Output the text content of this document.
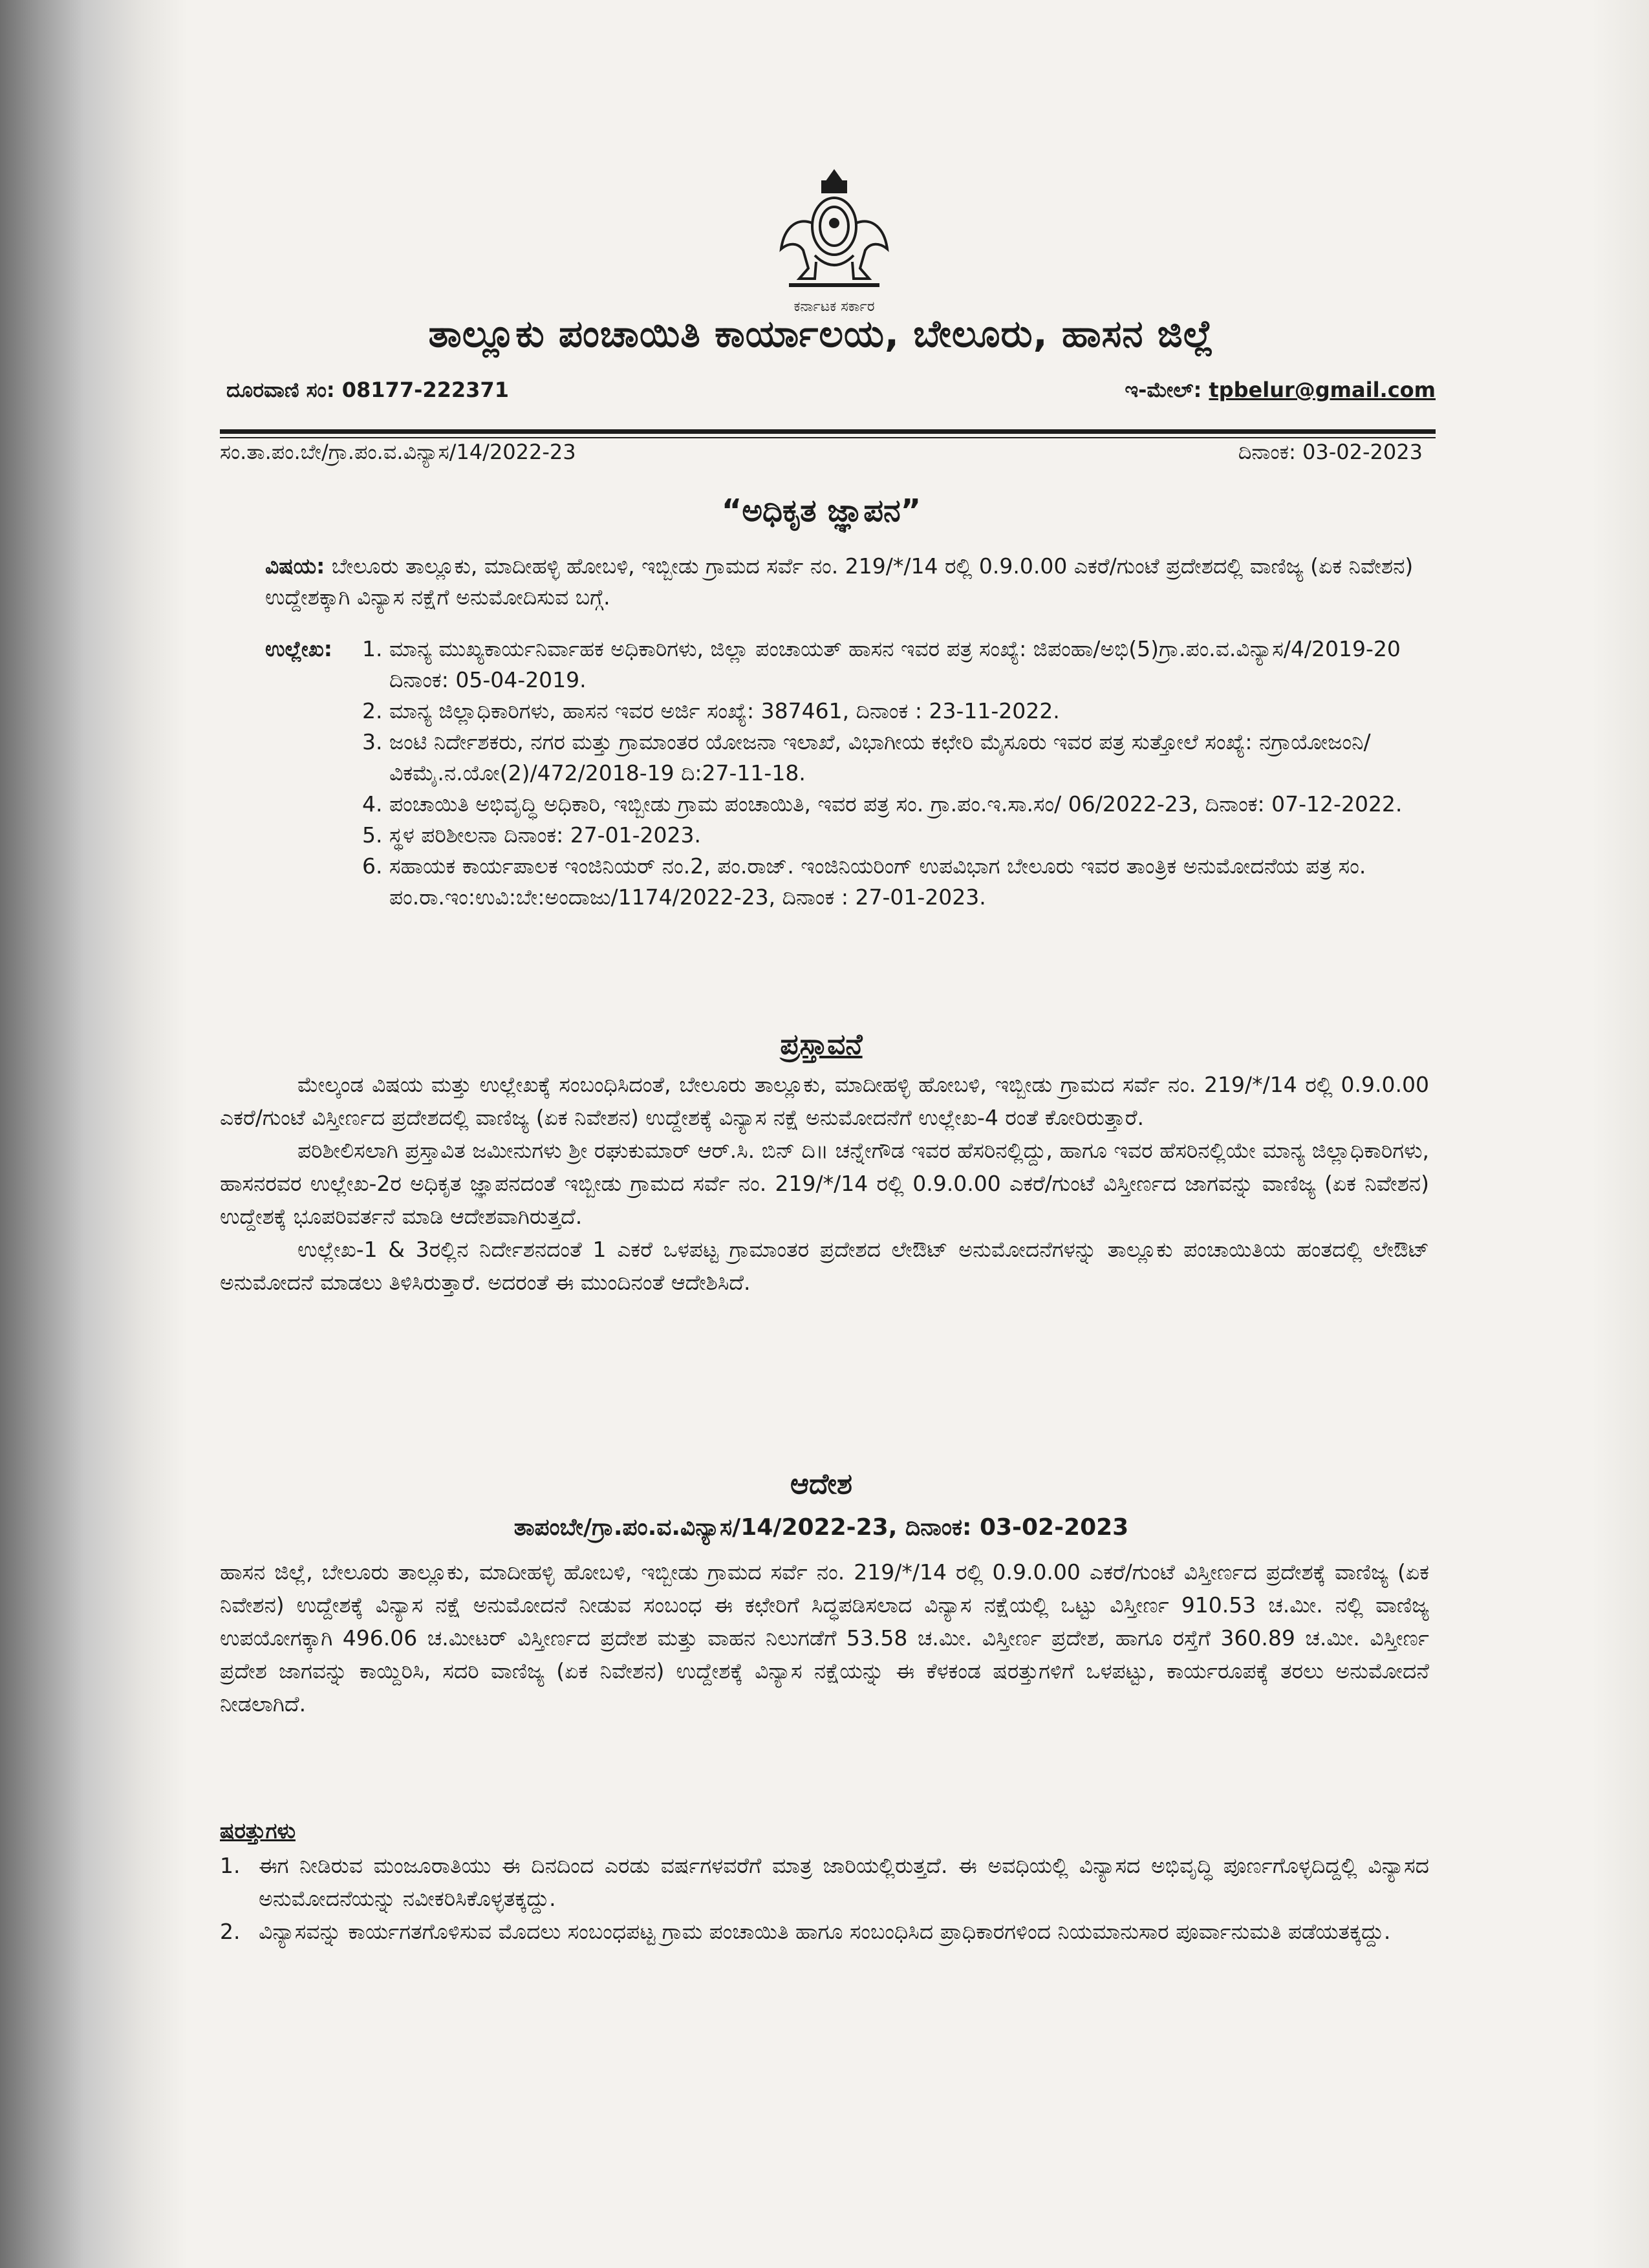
ಕರ್ನಾಟಕ ಸರ್ಕಾರ
ತಾಲ್ಲೂಕು ಪಂಚಾಯಿತಿ ಕಾರ್ಯಾಲಯ, ಬೇಲೂರು, ಹಾಸನ ಜಿಲ್ಲೆ
ದೂರವಾಣಿ ಸಂ: 08177-222371	ಇ-ಮೇಲ್: tpbelur@gmail.com
ಸಂ.ತಾ.ಪಂ.ಬೇ/ಗ್ರಾ.ಪಂ.ವ.ವಿನ್ಯಾಸ/14/2022-23	ದಿನಾಂಕ: 03-02-2023
“ಅಧಿಕೃತ ಜ್ಞಾಪನ”
ವಿಷಯ: ಬೇಲೂರು ತಾಲ್ಲೂಕು, ಮಾದೀಹಳ್ಳಿ ಹೋಬಳಿ, ಇಬ್ಬೀಡು ಗ್ರಾಮದ ಸರ್ವೆ ನಂ. 219/*/14 ರಲ್ಲಿ 0.9.0.00 ಎಕರೆ/ಗುಂಟೆ ಪ್ರದೇಶದಲ್ಲಿ ವಾಣಿಜ್ಯ (ಏಕ ನಿವೇಶನ) ಉದ್ದೇಶಕ್ಕಾಗಿ ವಿನ್ಯಾಸ ನಕ್ಷೆಗೆ ಅನುಮೋದಿಸುವ ಬಗ್ಗೆ.
ಉಲ್ಲೇಖ: 1. ಮಾನ್ಯ ಮುಖ್ಯಕಾರ್ಯನಿರ್ವಾಹಕ ಅಧಿಕಾರಿಗಳು, ಜಿಲ್ಲಾ ಪಂಚಾಯತ್ ಹಾಸನ ಇವರ ಪತ್ರ ಸಂಖ್ಯೆ: ಜಿಪಂಹಾ/ಅಭಿ(5)ಗ್ರಾ.ಪಂ.ವ.ವಿನ್ಯಾಸ/4/2019-20 ದಿನಾಂಕ: 05-04-2019.
2. ಮಾನ್ಯ ಜಿಲ್ಲಾಧಿಕಾರಿಗಳು, ಹಾಸನ ಇವರ ಅರ್ಜಿ ಸಂಖ್ಯೆ: 387461, ದಿನಾಂಕ : 23-11-2022.
3. ಜಂಟಿ ನಿರ್ದೇಶಕರು, ನಗರ ಮತ್ತು ಗ್ರಾಮಾಂತರ ಯೋಜನಾ ಇಲಾಖೆ, ವಿಭಾಗೀಯ ಕಛೇರಿ ಮೈಸೂರು ಇವರ ಪತ್ರ ಸುತ್ತೋಲೆ ಸಂಖ್ಯೆ: ನಗ್ರಾಯೋಜಂನಿ/ವಿಕಮೈ.ನ.ಯೋ(2)/472/2018-19 ದಿ:27-11-18.
4. ಪಂಚಾಯಿತಿ ಅಭಿವೃದ್ಧಿ ಅಧಿಕಾರಿ, ಇಬ್ಬೀಡು ಗ್ರಾಮ ಪಂಚಾಯಿತಿ, ಇವರ ಪತ್ರ ಸಂ. ಗ್ರಾ.ಪಂ.ಇ.ಸಾ.ಸಂ/ 06/2022-23, ದಿನಾಂಕ: 07-12-2022.
5. ಸ್ಥಳ ಪರಿಶೀಲನಾ ದಿನಾಂಕ: 27-01-2023.
6. ಸಹಾಯಕ ಕಾರ್ಯಪಾಲಕ ಇಂಜಿನಿಯರ್ ನಂ.2, ಪಂ.ರಾಜ್. ಇಂಜಿನಿಯರಿಂಗ್ ಉಪವಿಭಾಗ ಬೇಲೂರು ಇವರ ತಾಂತ್ರಿಕ ಅನುಮೋದನೆಯ ಪತ್ರ ಸಂ. ಪಂ.ರಾ.ಇಂ:ಉವಿ:ಬೇ:ಅಂದಾಜು/1174/2022-23, ದಿನಾಂಕ : 27-01-2023.
ಪ್ರಸ್ತಾವನೆ

ಮೇಲ್ಕಂಡ ವಿಷಯ ಮತ್ತು ಉಲ್ಲೇಖಕ್ಕೆ ಸಂಬಂಧಿಸಿದಂತೆ, ಬೇಲೂರು ತಾಲ್ಲೂಕು, ಮಾದೀಹಳ್ಳಿ ಹೋಬಳಿ, ಇಬ್ಬೀಡು ಗ್ರಾಮದ ಸರ್ವೆ ನಂ. 219/*/14 ರಲ್ಲಿ 0.9.0.00 ಎಕರೆ/ಗುಂಟೆ ವಿಸ್ತೀರ್ಣದ ಪ್ರದೇಶದಲ್ಲಿ ವಾಣಿಜ್ಯ (ಏಕ ನಿವೇಶನ) ಉದ್ದೇಶಕ್ಕೆ ವಿನ್ಯಾಸ ನಕ್ಷೆ ಅನುಮೋದನೆಗೆ ಉಲ್ಲೇಖ-4 ರಂತೆ ಕೋರಿರುತ್ತಾರೆ.

ಪರಿಶೀಲಿಸಲಾಗಿ ಪ್ರಸ್ತಾವಿತ ಜಮೀನುಗಳು ಶ್ರೀ ರಘುಕುಮಾರ್ ಆರ್.ಸಿ. ಬಿನ್ ದಿ॥ ಚನ್ನೇಗೌಡ ಇವರ ಹೆಸರಿನಲ್ಲಿದ್ದು, ಹಾಗೂ ಇವರ ಹೆಸರಿನಲ್ಲಿಯೇ ಮಾನ್ಯ ಜಿಲ್ಲಾಧಿಕಾರಿಗಳು, ಹಾಸನರವರ ಉಲ್ಲೇಖ-2ರ ಅಧಿಕೃತ ಜ್ಞಾಪನದಂತೆ ಇಬ್ಬೀಡು ಗ್ರಾಮದ ಸರ್ವೆ ನಂ. 219/*/14 ರಲ್ಲಿ 0.9.0.00 ಎಕರೆ/ಗುಂಟೆ ವಿಸ್ತೀರ್ಣದ ಜಾಗವನ್ನು ವಾಣಿಜ್ಯ (ಏಕ ನಿವೇಶನ) ಉದ್ದೇಶಕ್ಕೆ ಭೂಪರಿವರ್ತನೆ ಮಾಡಿ ಆದೇಶವಾಗಿರುತ್ತದೆ.

ಉಲ್ಲೇಖ-1 & 3ರಲ್ಲಿನ ನಿರ್ದೇಶನದಂತೆ 1 ಎಕರೆ ಒಳಪಟ್ಟ ಗ್ರಾಮಾಂತರ ಪ್ರದೇಶದ ಲೇಔಟ್ ಅನುಮೋದನೆಗಳನ್ನು ತಾಲ್ಲೂಕು ಪಂಚಾಯಿತಿಯ ಹಂತದಲ್ಲಿ ಲೇಔಟ್ ಅನುಮೋದನೆ ಮಾಡಲು ತಿಳಿಸಿರುತ್ತಾರೆ. ಅದರಂತೆ ಈ ಮುಂದಿನಂತೆ ಆದೇಶಿಸಿದೆ.

ಆದೇಶ
ತಾಪಂಬೇ/ಗ್ರಾ.ಪಂ.ವ.ವಿನ್ಯಾಸ/14/2022-23, ದಿನಾಂಕ: 03-02-2023

ಹಾಸನ ಜಿಲ್ಲೆ, ಬೇಲೂರು ತಾಲ್ಲೂಕು, ಮಾದೀಹಳ್ಳಿ ಹೋಬಳಿ, ಇಬ್ಬೀಡು ಗ್ರಾಮದ ಸರ್ವೆ ನಂ. 219/*/14 ರಲ್ಲಿ 0.9.0.00 ಎಕರೆ/ಗುಂಟೆ ವಿಸ್ತೀರ್ಣದ ಪ್ರದೇಶಕ್ಕೆ ವಾಣಿಜ್ಯ (ಏಕ ನಿವೇಶನ) ಉದ್ದೇಶಕ್ಕೆ ವಿನ್ಯಾಸ ನಕ್ಷೆ ಅನುಮೋದನೆ ನೀಡುವ ಸಂಬಂಧ ಈ ಕಛೇರಿಗೆ ಸಿದ್ಧಪಡಿಸಲಾದ ವಿನ್ಯಾಸ ನಕ್ಷೆಯಲ್ಲಿ ಒಟ್ಟು ವಿಸ್ತೀರ್ಣ 910.53 ಚ.ಮೀ. ನಲ್ಲಿ ವಾಣಿಜ್ಯ ಉಪಯೋಗಕ್ಕಾಗಿ 496.06 ಚ.ಮೀಟರ್ ವಿಸ್ತೀರ್ಣದ ಪ್ರದೇಶ ಮತ್ತು ವಾಹನ ನಿಲುಗಡೆಗೆ 53.58 ಚ.ಮೀ. ವಿಸ್ತೀರ್ಣ ಪ್ರದೇಶ, ಹಾಗೂ ರಸ್ತೆಗೆ 360.89 ಚ.ಮೀ. ವಿಸ್ತೀರ್ಣ ಪ್ರದೇಶ ಜಾಗವನ್ನು ಕಾಯ್ದಿರಿಸಿ, ಸದರಿ ವಾಣಿಜ್ಯ (ಏಕ ನಿವೇಶನ) ಉದ್ದೇಶಕ್ಕೆ ವಿನ್ಯಾಸ ನಕ್ಷೆಯನ್ನು ಈ ಕೆಳಕಂಡ ಷರತ್ತುಗಳಿಗೆ ಒಳಪಟ್ಟು, ಕಾರ್ಯರೂಪಕ್ಕೆ ತರಲು ಅನುಮೋದನೆ ನೀಡಲಾಗಿದೆ.

ಷರತ್ತುಗಳು
1. ಈಗ ನೀಡಿರುವ ಮಂಜೂರಾತಿಯು ಈ ದಿನದಿಂದ ಎರಡು ವರ್ಷಗಳವರೆಗೆ ಮಾತ್ರ ಜಾರಿಯಲ್ಲಿರುತ್ತದೆ. ಈ ಅವಧಿಯಲ್ಲಿ ವಿನ್ಯಾಸದ ಅಭಿವೃದ್ಧಿ ಪೂರ್ಣಗೊಳ್ಳದಿದ್ದಲ್ಲಿ ವಿನ್ಯಾಸದ ಅನುಮೋದನೆಯನ್ನು ನವೀಕರಿಸಿಕೊಳ್ಳತಕ್ಕದ್ದು.
2. ವಿನ್ಯಾಸವನ್ನು ಕಾರ್ಯಗತಗೊಳಿಸುವ ಮೊದಲು ಸಂಬಂಧಪಟ್ಟ ಗ್ರಾಮ ಪಂಚಾಯಿತಿ ಹಾಗೂ ಸಂಬಂಧಿಸಿದ ಪ್ರಾಧಿಕಾರಗಳಿಂದ ನಿಯಮಾನುಸಾರ ಪೂರ್ವಾನುಮತಿ ಪಡೆಯತಕ್ಕದ್ದು.
